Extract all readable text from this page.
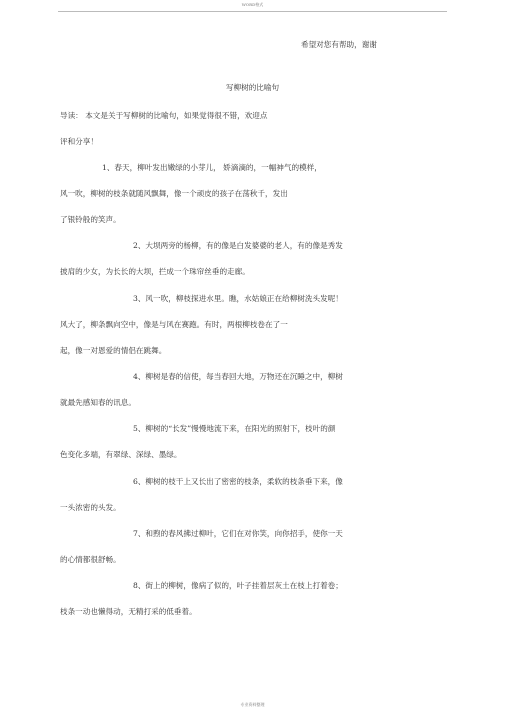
WORD格式
希望对您有帮助，谢谢
写柳树的比喻句
导读： 本文是关于写柳树的比喻句，如果觉得很不错，欢迎点
评和分享！
1、春天，柳叶发出嫩绿的小芽儿， 娇滴滴的，一幅神气的模样，
风一吹，柳树的枝条就随风飘舞，像一个顽皮的孩子在荡秋千，发出
了银铃般的笑声。
2、大坝两旁的杨柳，有的像是白发婆婆的老人，有的像是秀发
披肩的少女，为长长的大坝，拦成一个珠帘丝垂的走廊。
3、风一吹，柳枝探进水里。瞧，水姑娘正在给柳树洗头发呢！
风大了，柳条飘向空中，像是与风在赛跑。有时，两根柳枝卷在了一
起，像一对恩爱的情侣在跳舞。
4、柳树是春的信使，每当春回大地，万物还在沉睡之中，柳树
就最先感知春的讯息。
5、柳树的“长发”慢慢地流下来，在阳光的照射下，枝叶的颜
色变化多端，有翠绿、深绿、墨绿。
6、柳树的枝干上又长出了密密的枝条，柔软的枝条垂下来，像
一头浓密的头发。
7、和煦的春风拂过柳叶，它们在对你笑，向你招手，使你一天
的心情都很舒畅。
8、街上的柳树，像病了似的，叶子挂着层灰土在枝上打着卷；
枝条一动也懒得动，无精打采的低垂着。
专业资料整理
